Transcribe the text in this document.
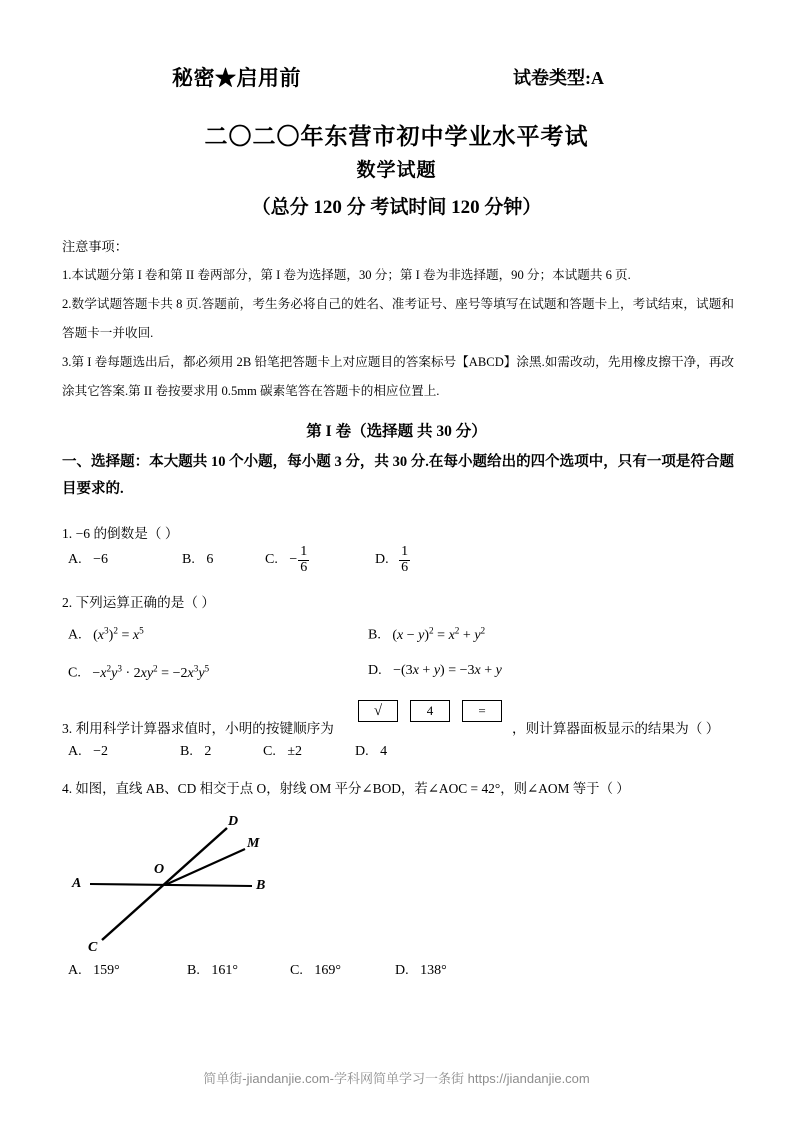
秘密★启用前	试卷类型:A
二〇二〇年东营市初中学业水平考试
数学试题
（总分 120 分 考试时间 120 分钟）
注意事项：
1.本试题分第 I 卷和第 II 卷两部分，第 I 卷为选择题，30 分；第 I 卷为非选择题，90 分；本试题共 6 页.
2.数学试题答题卡共 8 页.答题前，考生务必将自己的姓名、准考证号、座号等填写在试题和答题卡上，考试结束，试题和答题卡一并收回.
3.第 I 卷每题选出后，都必须用 2B 铅笔把答题卡上对应题目的答案标号【ABCD】涂黑.如需改动，先用橡皮擦干净，再改涂其它答案.第 II 卷按要求用 0.5mm 碳素笔答在答题卡的相应位置上.
第 I 卷（选择题 共 30 分）
一、选择题：本大题共 10 个小题，每小题 3 分，共 30 分.在每小题给出的四个选项中，只有一项是符合题目要求的.
1. −6 的倒数是（ ）
A. −6	B. 6	C. − $\frac{1}{6}$	D. $\frac{1}{6}$
2. 下列运算正确的是（ ）
A. $(x^3)^2 = x^5$	B. $(x - y)^2 = x^2 + y^2$
C. $-x^2y^3 \cdot 2xy^2 = -2x^3y^5$	D. −(3x + y) = −3x + y
3. 利用科学计算器求值时，小明的按键顺序为
√	4	=
，则计算器面板显示的结果为（ ）
A. −2	B. 2	C. ±2	D. 4
4. 如图，直线 AB、CD 相交于点 O，射线 OM 平分∠BOD，若∠AOC = 42°，则∠AOM 等于（ ）
A	B
C
D
M
O
A. 159°	B. 161°	C. 169°	D. 138°
简单街-jiandanjie.com-学科网简单学习一条街 https://jiandanjie.com
